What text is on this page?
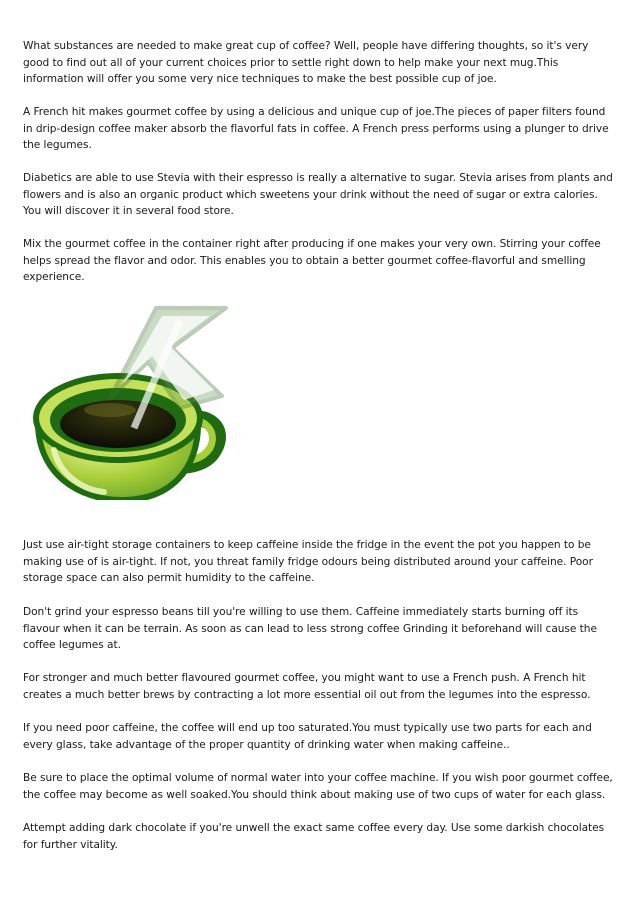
What substances are needed to make great cup of coffee? Well, people have differing thoughts, so it's very good to find out all of your current choices prior to settle right down to help make your next mug.This information will offer you some very nice techniques to make the best possible cup of joe.

A French hit makes gourmet coffee by using a delicious and unique cup of joe.The pieces of paper filters found in drip-design coffee maker absorb the flavorful fats in coffee. A French press performs using a plunger to drive the legumes.

Diabetics are able to use Stevia with their espresso is really a alternative to sugar. Stevia arises from plants and flowers and is also an organic product which sweetens your drink without the need of sugar or extra calories. You will discover it in several food store.

Mix the gourmet coffee in the container right after producing if one makes your very own. Stirring your coffee helps spread the flavor and odor. This enables you to obtain a better gourmet coffee-flavorful and smelling experience.

Just use air-tight storage containers to keep caffeine inside the fridge in the event the pot you happen to be making use of is air-tight. If not, you threat family fridge odours being distributed around your caffeine. Poor storage space can also permit humidity to the caffeine.

Don't grind your espresso beans till you're willing to use them. Caffeine immediately starts burning off its flavour when it can be terrain. As soon as can lead to less strong coffee Grinding it beforehand will cause the coffee legumes at.

For stronger and much better flavoured gourmet coffee, you might want to use a French push. A French hit creates a much better brews by contracting a lot more essential oil out from the legumes into the espresso.

If you need poor caffeine, the coffee will end up too saturated.You must typically use two parts for each and every glass, take advantage of the proper quantity of drinking water when making caffeine..

Be sure to place the optimal volume of normal water into your coffee machine. If you wish poor gourmet coffee, the coffee may become as well soaked.You should think about making use of two cups of water for each glass.

Attempt adding dark chocolate if you're unwell the exact same coffee every day. Use some darkish chocolates for further vitality.
